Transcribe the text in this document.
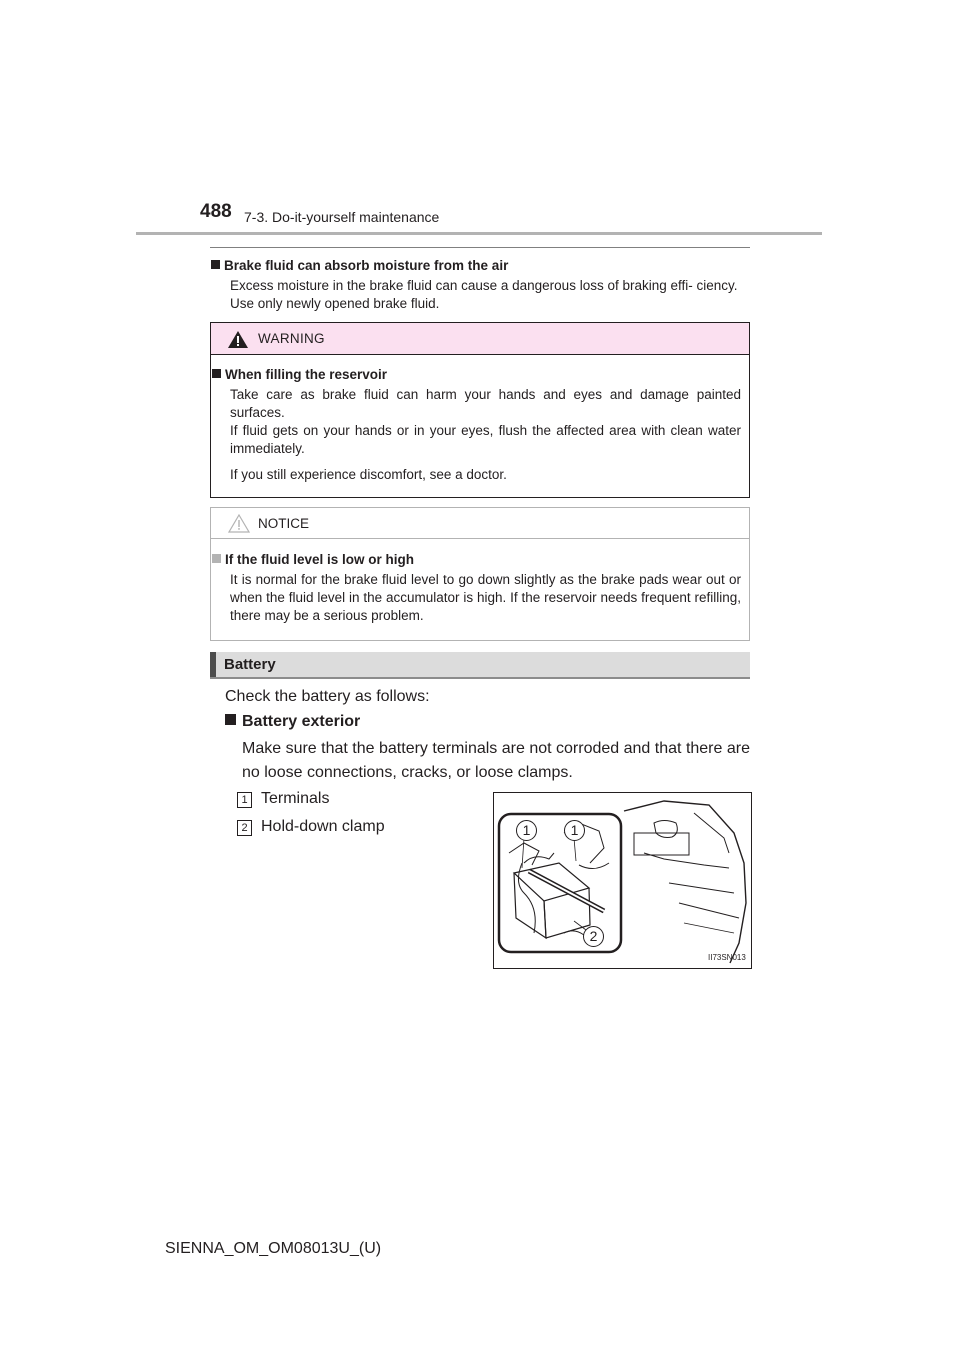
488 7-3. Do-it-yourself maintenance
Brake fluid can absorb moisture from the air
Excess moisture in the brake fluid can cause a dangerous loss of braking effi- ciency. Use only newly opened brake fluid.
WARNING
When filling the reservoir

Take care as brake fluid can harm your hands and eyes and damage painted surfaces.

If fluid gets on your hands or in your eyes, flush the affected area with clean water immediately.

If you still experience discomfort, see a doctor.

NOTICE
If the fluid level is low or high
It is normal for the brake fluid level to go down slightly as the brake pads wear out or when the fluid level in the accumulator is high. If the reservoir needs frequent refilling, there may be a serious problem.
Battery
Check the battery as follows:
Battery exterior
Make sure that the battery terminals are not corroded and that there are no loose connections, cracks, or loose clamps.
1 Terminals
2 Hold-down clamp	1	1
2
II73SN013
SIENNA_OM_OM08013U_(U)
